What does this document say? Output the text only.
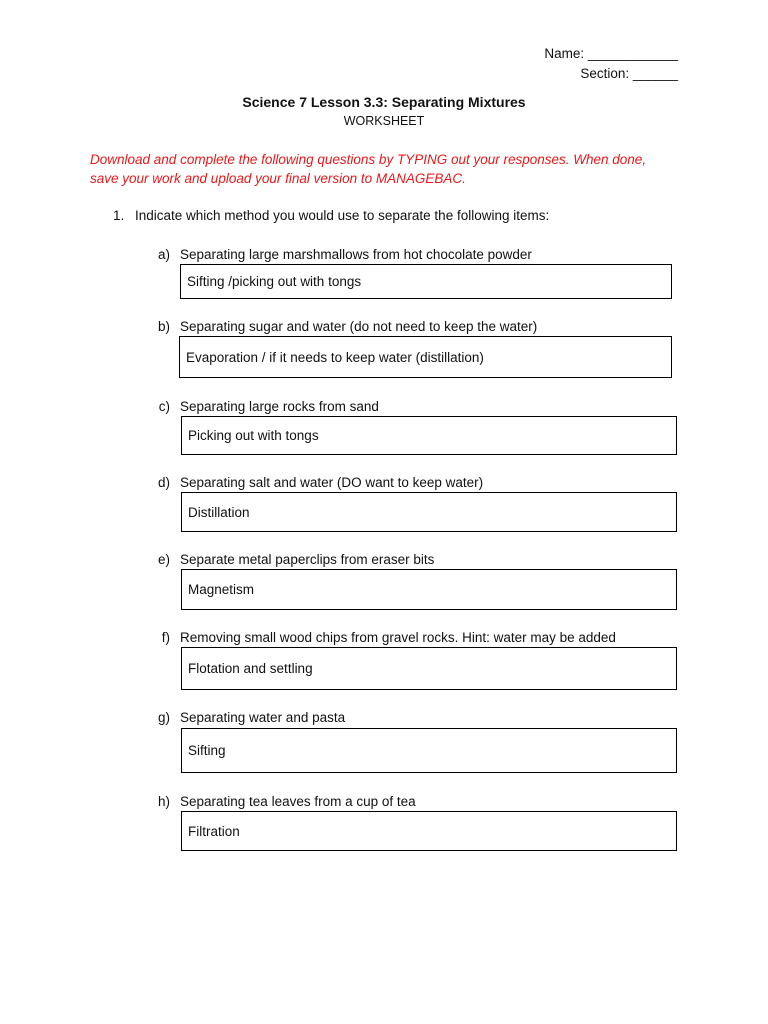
Name: ____________
Section: ______
Science 7 Lesson 3.3: Separating Mixtures
WORKSHEET
Download and complete the following questions by TYPING out your responses. When done, save your work and upload your final version to MANAGEBAC.
1. Indicate which method you would use to separate the following items:
a) Separating large marshmallows from hot chocolate powder
Sifting /picking out with tongs
b) Separating sugar and water (do not need to keep the water)
Evaporation / if it needs to keep water (distillation)
c) Separating large rocks from sand
Picking out with tongs
d) Separating salt and water (DO want to keep water)
Distillation
e) Separate metal paperclips from eraser bits
Magnetism
f) Removing small wood chips from gravel rocks. Hint: water may be added
Flotation and settling
g) Separating water and pasta
Sifting
h) Separating tea leaves from a cup of tea
Filtration
